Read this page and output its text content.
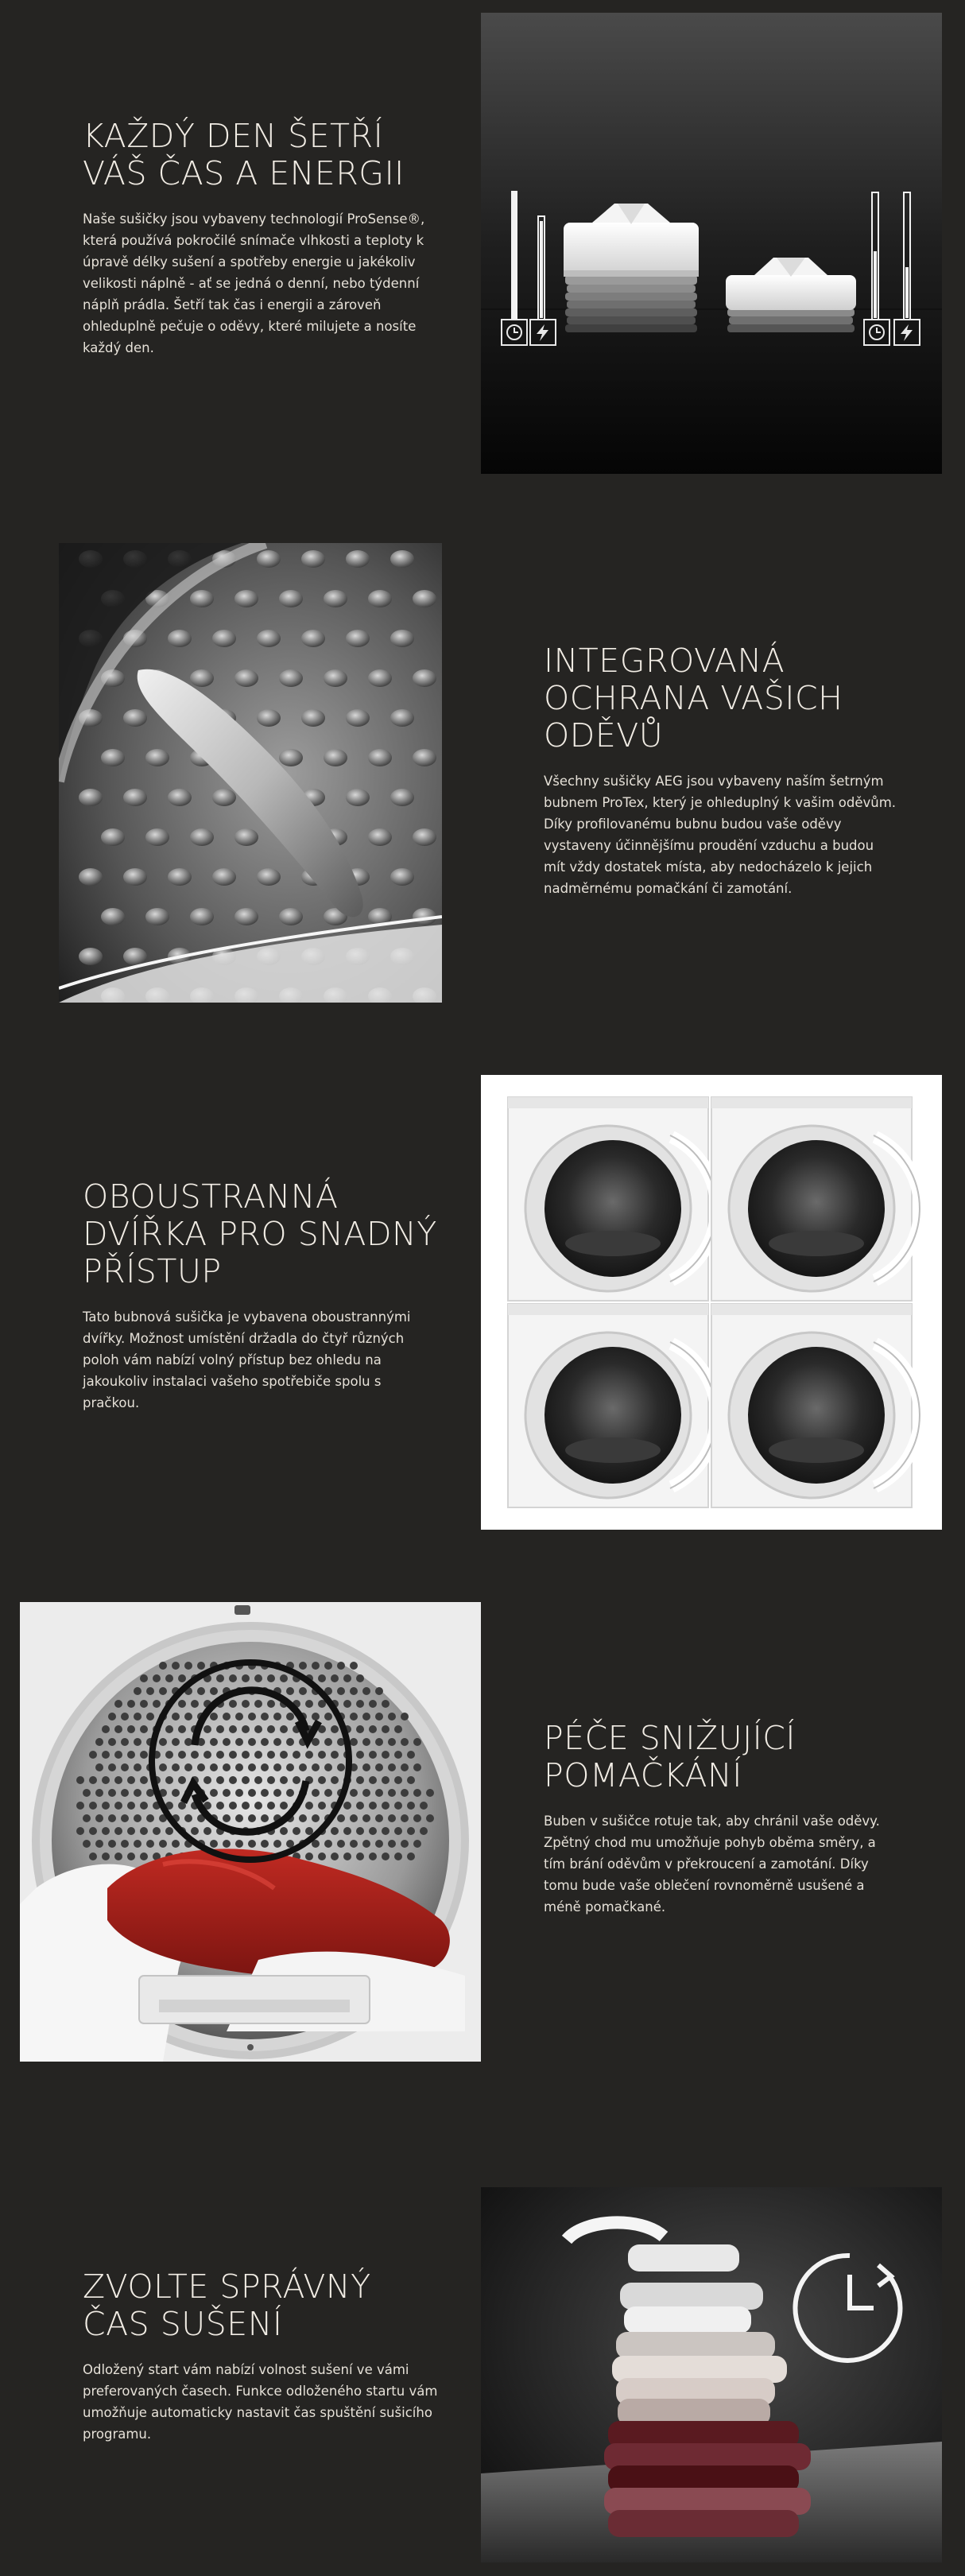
KAŽDÝ DEN ŠETŘÍ
VÁŠ ČAS A ENERGII

Naše sušičky jsou vybaveny technologií ProSense®,
která používá pokročilé snímače vlhkosti a teploty k
úpravě délky sušení a spotřeby energie u jakékoliv
velikosti náplně - ať se jedná o denní, nebo týdenní
náplň prádla. Šetří tak čas i energii a zároveň
ohleduplně pečuje o oděvy, které milujete a nosíte
každý den.

INTEGROVANÁ
OCHRANA VAŠICH
ODĚVŮ

Všechny sušičky AEG jsou vybaveny naším šetrným
bubnem ProTex, který je ohleduplný k vašim oděvům.
Díky profilovanému bubnu budou vaše oděvy
vystaveny účinnějšímu proudění vzduchu a budou
mít vždy dostatek místa, aby nedocházelo k jejich
nadměrnému pomačkání či zamotání.

OBOUSTRANNÁ
DVÍŘKA PRO SNADNÝ
PŘÍSTUP

Tato bubnová sušička je vybavena oboustrannými
dvířky. Možnost umístění držadla do čtyř různých
poloh vám nabízí volný přístup bez ohledu na
jakoukoliv instalaci vašeho spotřebiče spolu s
pračkou.

PÉČE SNIŽUJÍCÍ
POMAČKÁNÍ

Buben v sušičce rotuje tak, aby chránil vaše oděvy.
Zpětný chod mu umožňuje pohyb oběma směry, a
tím brání oděvům v překroucení a zamotání. Díky
tomu bude vaše oblečení rovnoměrně usušené a
méně pomačkané.

ZVOLTE SPRÁVNÝ
ČAS SUŠENÍ

Odložený start vám nabízí volnost sušení ve vámi
preferovaných časech. Funkce odloženého startu vám
umožňuje automaticky nastavit čas spuštění sušicího
programu.
